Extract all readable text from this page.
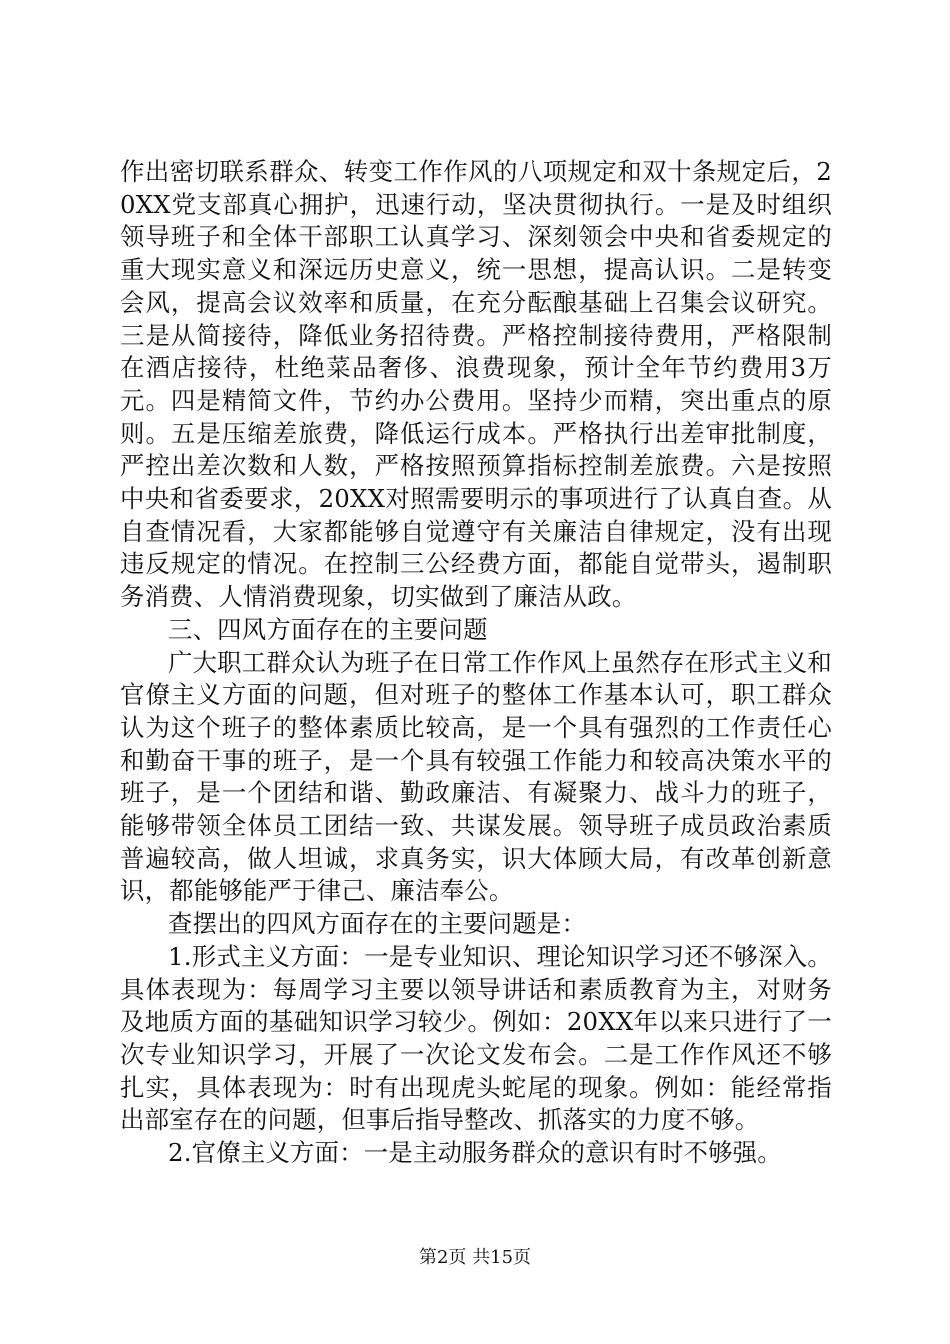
作出密切联系群众、转变工作作风的八项规定和双十条规定后，20XX党支部真心拥护，迅速行动，坚决贯彻执行。一是及时组织领导班子和全体干部职工认真学习、深刻领会中央和省委规定的重大现实意义和深远历史意义，统一思想，提高认识。二是转变会风，提高会议效率和质量，在充分酝酿基础上召集会议研究。三是从简接待，降低业务招待费。严格控制接待费用，严格限制在酒店接待，杜绝菜品奢侈、浪费现象，预计全年节约费用3万元。四是精简文件，节约办公费用。坚持少而精，突出重点的原则。五是压缩差旅费，降低运行成本。严格执行出差审批制度，严控出差次数和人数，严格按照预算指标控制差旅费。六是按照中央和省委要求，20XX对照需要明示的事项进行了认真自查。从自查情况看，大家都能够自觉遵守有关廉洁自律规定，没有出现违反规定的情况。在控制三公经费方面，都能自觉带头，遏制职务消费、人情消费现象，切实做到了廉洁从政。

三、四风方面存在的主要问题

广大职工群众认为班子在日常工作作风上虽然存在形式主义和官僚主义方面的问题，但对班子的整体工作基本认可，职工群众认为这个班子的整体素质比较高，是一个具有强烈的工作责任心和勤奋干事的班子，是一个具有较强工作能力和较高决策水平的班子，是一个团结和谐、勤政廉洁、有凝聚力、战斗力的班子，能够带领全体员工团结一致、共谋发展。领导班子成员政治素质普遍较高，做人坦诚，求真务实，识大体顾大局，有改革创新意识，都能够能严于律己、廉洁奉公。

查摆出的四风方面存在的主要问题是：

1.形式主义方面：一是专业知识、理论知识学习还不够深入。具体表现为：每周学习主要以领导讲话和素质教育为主，对财务及地质方面的基础知识学习较少。例如：20XX年以来只进行了一次专业知识学习，开展了一次论文发布会。二是工作作风还不够扎实，具体表现为：时有出现虎头蛇尾的现象。例如：能经常指出部室存在的问题，但事后指导整改、抓落实的力度不够。

2.官僚主义方面：一是主动服务群众的意识有时不够强。

第2页 共15页
